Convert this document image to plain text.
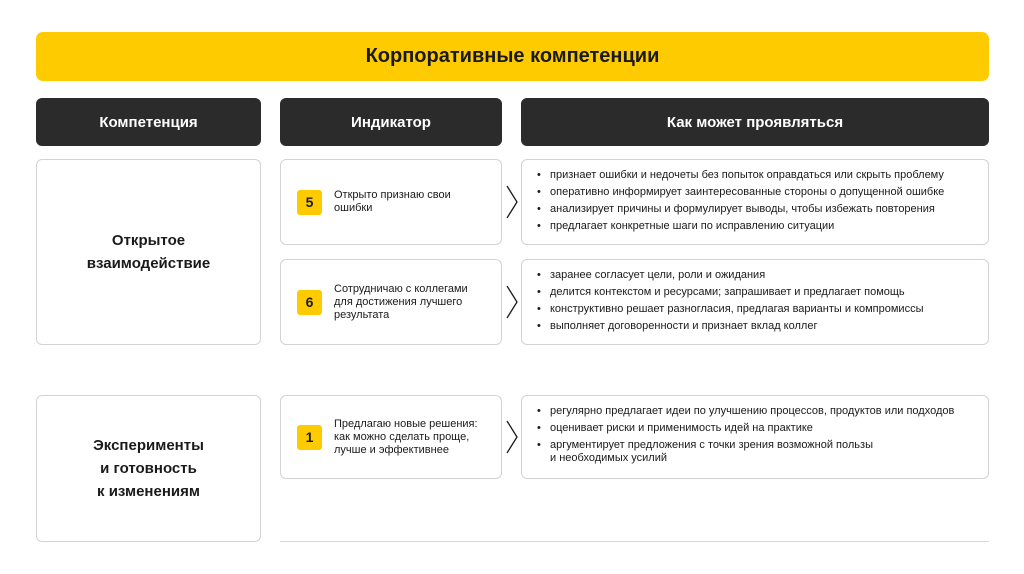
Корпоративные компетенции
Компетенция	Индикатор	Как может проявляться
Открытое
взаимодействие
5 Открыто признаю свои
ошибки
• признает ошибки и недочеты без попыток оправдаться или скрыть проблему
• оперативно информирует заинтересованные стороны о допущенной ошибке
• анализирует причины и формулирует выводы, чтобы избежать повторения
• предлагает конкретные шаги по исправлению ситуации
6
Сотрудничаю с коллегами
для достижения лучшего
результата
• заранее согласует цели, роли и ожидания
• делится контекстом и ресурсами; запрашивает и предлагает помощь
• конструктивно решает разногласия, предлагая варианты и компромиссы
• выполняет договоренности и признает вклад коллег
Эксперименты
и готовность
к изменениям
1
Предлагаю новые решения:
как можно сделать проще,
лучше и эффективнее
• регулярно предлагает идеи по улучшению процессов, продуктов или подходов
• оценивает риски и применимость идей на практике
• аргументирует предложения с точки зрения возможной пользы
и необходимых усилий
